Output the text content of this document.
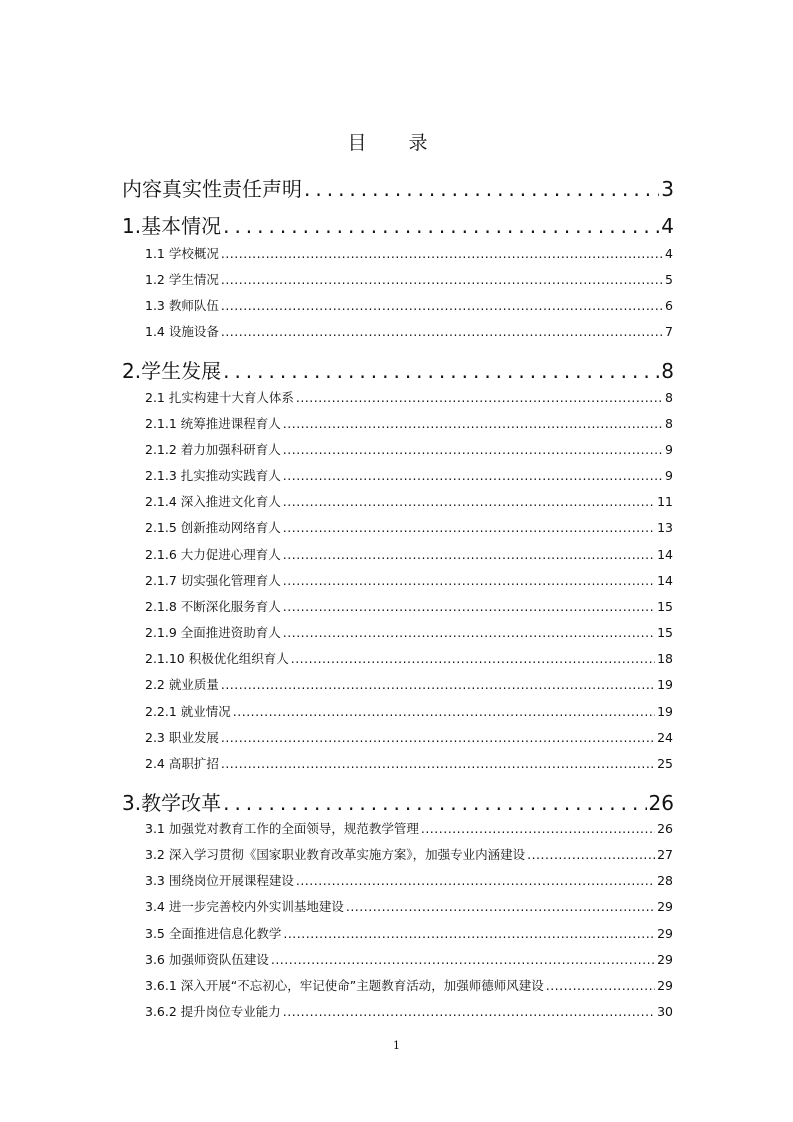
目 录
内容真实性责任声明 .....	3
1.基本情况 .....	4
1.1 学校概况 .....	4
1.2 学生情况 .....	5
1.3 教师队伍 .....	6
1.4 设施设备 .....	7
2.学生发展 .....	8
2.1 扎实构建十大育人体系 .....	8
2.1.1 统筹推进课程育人 .....	8
2.1.2 着力加强科研育人 .....	9
2.1.3 扎实推动实践育人 .....	9
2.1.4 深入推进文化育人 .....	11
2.1.5 创新推动网络育人 .....	13
2.1.6 大力促进心理育人 .....	14
2.1.7 切实强化管理育人 .....	14
2.1.8 不断深化服务育人 .....	15
2.1.9 全面推进资助育人 .....	15
2.1.10 积极优化组织育人 .....	18
2.2 就业质量 .....	19
2.2.1 就业情况 .....	19
2.3 职业发展 .....	24
2.4 高职扩招 .....	25
3.教学改革 .....	26
3.1 加强党对教育工作的全面领导，规范教学管理 .....	26
3.2 深入学习贯彻《国家职业教育改革实施方案》，加强专业内涵建设 .....	27
3.3 围绕岗位开展课程建设 .....	28
3.4 进一步完善校内外实训基地建设 .....	29
3.5 全面推进信息化教学 .....	29
3.6 加强师资队伍建设 .....	29
3.6.1 深入开展“不忘初心，牢记使命”主题教育活动，加强师德师风建设 .....	29
3.6.2 提升岗位专业能力 .....	30
1
